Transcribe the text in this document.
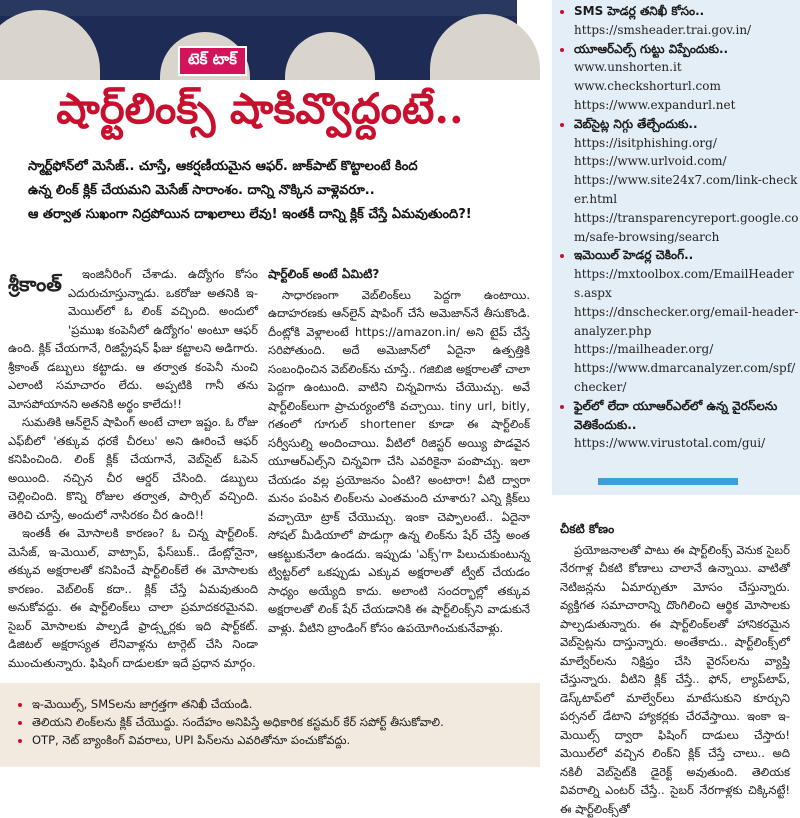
టెక్ టాక్
షార్ట్‌లింక్స్ షాకివ్వొద్దంటే..

స్మార్ట్‌ఫోన్‌లో మెసేజ్.. చూస్తే, ఆకర్షణీయమైన ఆఫర్. జాక్‌పాట్ కొట్టాలంటే కింద

ఉన్న లింక్ క్లిక్ చేయమని మెసేజ్ సారాంశం. దాన్ని నొక్కిన వాళ్లెవరూ..

ఆ తర్వాత సుఖంగా నిద్రపోయిన దాఖలాలు లేవు! ఇంతకీ దాన్ని క్లిక్ చేస్తే ఏమవుతుంది?!

శ్రీకాంత్	ఇంజినీరింగ్ చేశాడు. ఉద్యోగం కోసం ఎదురుచూస్తున్నాడు. ఒకరోజు అతనికి ఇ-మెయిల్‌లో ఓ లింక్ వచ్చింది. అందులో 'ప్రముఖ కంపెనీలో ఉద్యోగం' అంటూ ఆఫర్ ఉంది. క్లిక్ చేయగానే, రిజిస్ట్రేషన్ ఫీజు కట్టాలని అడిగారు. శ్రీకాంత్ డబ్బులు కట్టాడు. ఆ తర్వాత కంపెనీ నుంచి ఎలాంటి సమాచారం లేదు. అప్పటికి గానీ తను మోసపోయానని అతనికి అర్థం కాలేదు!!

సుమతికి ఆన్‌లైన్ షాపింగ్ అంటే చాలా ఇష్టం. ఓ రోజు ఎఫ్‌బీలో 'తక్కువ ధరకే చీరలు' అని ఊరించే ఆఫర్ కనిపించింది. లింక్ క్లిక్ చేయగానే, వెబ్‌సైట్ ఓపెన్ అయింది. నచ్చిన చీర ఆర్డర్ చేసింది. డబ్బులు చెల్లించింది. కొన్ని రోజుల తర్వాత, పార్సిల్ వచ్చింది. తెరిచి చూస్తే, అందులో నాసిరకం చీర ఉంది!!

ఇంతకీ ఈ మోసాలకి కారణం? ఓ చిన్న షార్ట్‌లింక్. మెసేజ్, ఇ-మెయిల్, వాట్సాప్, ఫేస్‌బుక్.. డేంట్లోనైనా, తక్కువ అక్షరాలతో కనిపించే షార్ట్‌లింక్‌లే ఈ మోసాలకు కారణం. వెబ్‌లింక్ కదా.. క్లిక్ చేస్తే ఏమవుతుంది అనుకోవద్దు. ఈ షార్ట్‌లింక్‌లు చాలా ప్రమాదకరమైనవి. సైబర్ మోసాలకు పాల్పడే ఫ్రాడ్స్టర్లకు ఇది షార్ట్‌కట్. డిజిటల్ అక్షరాస్యత లేనివాళ్లను టార్గెట్ చేసి నిండా ముంచుతున్నారు. ఫిషింగ్ దాడులకూ ఇదే ప్రధాన మార్గం.

షార్ట్‌లింక్ అంటే ఏమిటి?

సాధారణంగా వెబ్‌లింక్‌లు పెద్దగా ఉంటాయి. ఉదాహరణకు ఆన్‌లైన్ షాపింగ్ చేసే అమెజాన్‌నే తీసుకొండి. దీంట్లోకి వెళ్లాలంటే https://amazon.in/ అని టైప్ చేస్తే సరిపోతుంది. అదే అమెజాన్‌లో ఏదైనా ఉత్పత్తికి సంబంధించిన వెబ్‌లింక్‌ను చూస్తే.. గజిబిజి అక్షరాలతో చాలా పెద్దగా ఉంటుంది. వాటిని చిన్నవిగాను చేయొచ్చు. అవే షార్ట్‌లింక్‌లుగా ప్రాచుర్యంలోకి వచ్చాయి. tiny url, bitly, గతంలో గూగుల్ shortener కూడా ఈ షార్ట్‌లింక్ సర్వీసుల్ని అందించాయి. వీటిలో రిజిస్టర్ అయ్యి పొడవైన యూఆర్ఎల్స్‌ని చిన్నవిగా చేసి ఎవరికైనా పంపొచ్చు. ఇలా చేయడం వల్ల ప్రయోజనం ఏంటి? అంటారా! వీటి ద్వారా మనం పంపిన లింక్‌లను ఎంతమంది చూశారు? ఎన్ని క్లిక్‌లు వచ్చాయో ట్రాక్ చేయొచ్చు. ఇంకా చెప్పాలంటే.. ఏదైనా సోషల్ మీడియాలో పొడుగ్గా ఉన్న లింక్‌ను షేర్ చేస్తే అంత ఆకట్టుకునేలా ఉండదు. ఇప్పుడు 'ఎక్స్'గా పిలుచుకుంటున్న ట్విట్టర్‌లో ఒకప్పుడు ఎక్కువ అక్షరాలతో ట్వీట్ చేయడం సాధ్యం అయ్యేది కాదు. అలాంటి సందర్భాల్లో తక్కువ అక్షరాలతో లింక్ షేర్ చేయడానికి ఈ షార్ట్‌లింక్స్‌ని వాడుకునే వాళ్లు. వీటిని బ్రాండింగ్ కోసం ఉపయోగించుకునేవాళ్లు.

• ఇ-మెయిల్స్, SMSలను జాగ్రత్తగా తనిఖీ చేయండి.
• తెలియని లింక్‌లను క్లిక్ చేయొద్దు. సందేహం అనిపిస్తే అధికారిక కస్టమర్ కేర్ సపోర్ట్ తీసుకోవాలి.
• OTP, నెట్ బ్యాంకింగ్ వివరాలు, UPI పిన్‌లను ఎవరితోనూ పంచుకోవద్దు.
• SMS హెడర్ల తనిఖీ కోసం..
https://smsheader.trai.gov.in/
• యూఆర్ఎల్స్ గుట్టు విప్పేందుకు..
www.unshorten.it
www.checkshorturl.com
https://www.expandurl.net
• వెబ్‌సైట్ల నిగ్గు తేల్చేందుకు..
https://isitphishing.org/
https://www.urlvoid.com/
https://www.site24x7.com/link-checker.html
https://transparencyreport.google.com/safe-browsing/search
• ఇమెయిల్ హెడర్ల చెకింగ్..
https://mxtoolbox.com/EmailHeaders.aspx
https://dnschecker.org/email-header-analyzer.php
https://mailheader.org/
https://www.dmarcanalyzer.com/spf/checker/
• ఫైల్‌లో లేదా యూఆర్ఎల్‌లో ఉన్న వైరస్‌లను వెతికేందుకు..
https://www.virustotal.com/gui/
చీకటి కోణం

ప్రయోజనాలతో పాటు ఈ షార్ట్‌లింక్స్ వెనుక సైబర్ నేరగాళ్ల చీకటి కోణాలు చాలానే ఉన్నాయి. వాటితో నెటిజన్లను ఏమార్చుతూ మోసం చేస్తున్నారు. వ్యక్తిగత సమాచారాన్ని దొంగిలించి ఆర్థిక మోసాలకు పాల్పడుతున్నారు. ఈ షార్ట్‌లింక్‌లతో హానికరమైన వెబ్‌సైట్లను దాస్తున్నారు. అంతేకాదు.. షార్ట్‌లింక్స్‌లో మాల్వేర్‌లను నిక్షిప్తం చేసి వైరస్‌లను వ్యాప్తి చేస్తున్నారు. వీటిని క్లిక్ చేస్తే.. ఫోన్, ల్యాప్‌టాప్, డెస్క్‌టాప్‌లో మాల్వేర్‌లు మాటేసుకుని కూర్చుని పర్సనల్ డేటాని హ్యాకర్లకు చేరవేస్తాయి. ఇంకా ఇ-మెయిల్స్ ద్వారా ఫిషింగ్ దాడులు చేస్తారు! మెయిల్‌లో వచ్చిన లింక్‌ని క్లిక్ చేస్తే చాలు.. అది నకిలీ వెబ్‌సైట్‌కి డైరెక్ట్ అవుతుంది. తెలియక వివరాల్ని ఎంటర్ చేస్తే.. సైబర్ నేరగాళ్లకు చిక్కినట్టే! ఈ షార్ట్‌లింక్స్‌తో
